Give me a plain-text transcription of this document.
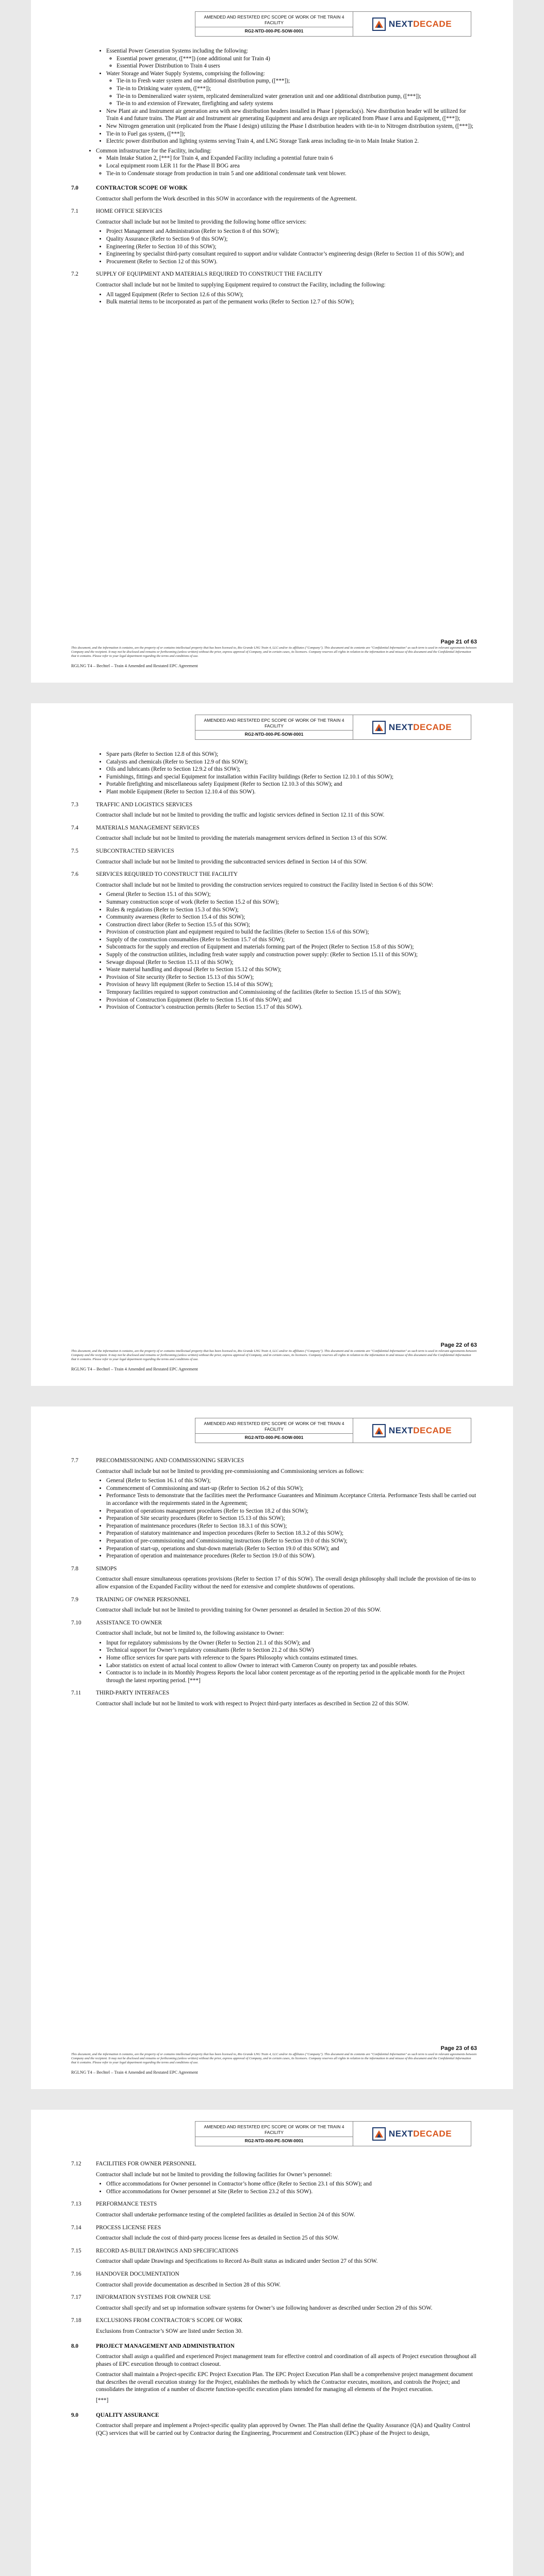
AMENDED AND RESTATED EPC SCOPE OF WORK OF THE TRAIN 4 FACILITY
RG2-NTD-000-PE-SOW-0001
NEXT DECADE
• Essential Power Generation Systems including the following:
◦ Essential power generator, ([***]) (one additional unit for Train 4)
◦ Essential Power Distribution to Train 4 users
• Water Storage and Water Supply Systems, comprising the following:
◦ Tie-in to Fresh water system and one additional distribution pump, ([***]);
◦ Tie-in to Drinking water system, ([***]);
◦ Tie-in to Demineralized water system, replicated demineralized water generation unit and one additional distribution pump, ([***]);
◦ Tie-in to and extension of Firewater, firefighting and safety systems
• New Plant air and Instrument air generation area with new distribution headers installed in Phase I piperacks(s). New distribution header will be utilized for Train 4 and future trains. The Plant air and Instrument air generating Equipment and area design are replicated from Phase I area and Equipment, ([***]);
• New Nitrogen generation unit (replicated from the Phase I design) utilizing the Phase I distribution headers with tie-in to Nitrogen distribution system, ([***]);
• Tie-in to Fuel gas system, ([***]);
• Electric power distribution and lighting systems serving Train 4, and LNG Storage Tank areas including tie-in to Main Intake Station 2.
• Common infrastructure for the Facility, including:
◦ Main Intake Station 2, [***] for Train 4, and Expanded Facility including a potential future train 6
◦ Local equipment room LER 11 for the Phase II BOG area
◦ Tie-in to Condensate storage from production in train 5 and one additional condensate tank vent blower.
7.0	CONTRACTOR SCOPE OF WORK

Contractor shall perform the Work described in this SOW in accordance with the requirements of the Agreement.

7.1	HOME OFFICE SERVICES

Contractor shall include but not be limited to providing the following home office services:

• Project Management and Administration (Refer to Section 8 of this SOW);
• Quality Assurance (Refer to Section 9 of this SOW);
• Engineering (Refer to Section 10 of this SOW);
• Engineering by specialist third-party consultant required to support and/or validate Contractor’s engineering design (Refer to Section 11 of this SOW); and
• Procurement (Refer to Section 12 of this SOW).
7.2	SUPPLY OF EQUIPMENT AND MATERIALS REQUIRED TO CONSTRUCT THE FACILITY

Contractor shall include but not be limited to supplying Equipment required to construct the Facility, including the following:

• All tagged Equipment (Refer to Section 12.6 of this SOW);
• Bulk material items to be incorporated as part of the permanent works (Refer to Section 12.7 of this SOW);
Page 21 of 63
This document, and the information it contains, are the property of or contains intellectual property that has been licensed to, Rio Grande LNG Train 4, LLC and/or its affiliates ("Company"). This document and its contents are "Confidential Information" as such term is used in relevant agreements between Company and the recipient. It may not be disclosed and remains or forthcoming (unless written) without the prior, express approval of Company, and in certain cases, its licensors. Company reserves all rights in relation to the information in and misuse of this document and the Confidential Information that it contains. Please refer to your legal department regarding the terms and conditions of use.
RGLNG T4 – Bechtel – Train 4 Amended and Restated EPC Agreement
AMENDED AND RESTATED EPC SCOPE OF WORK OF THE TRAIN 4 FACILITY
RG2-NTD-000-PE-SOW-0001
NEXT DECADE
• Spare parts (Refer to Section 12.8 of this SOW);
• Catalysts and chemicals (Refer to Section 12.9 of this SOW);
• Oils and lubricants (Refer to Section 12.9.2 of this SOW);
• Furnishings, fittings and special Equipment for installation within Facility buildings (Refer to Section 12.10.1 of this SOW);
• Portable firefighting and miscellaneous safety Equipment (Refer to Section 12.10.3 of this SOW); and
• Plant mobile Equipment (Refer to Section 12.10.4 of this SOW).
7.3	TRAFFIC AND LOGISTICS SERVICES

Contractor shall include but not be limited to providing the traffic and logistic services defined in Section 12.11 of this SOW.

7.4	MATERIALS MANAGEMENT SERVICES

Contractor shall include but not be limited to providing the materials management services defined in Section 13 of this SOW.

7.5	SUBCONTRACTED SERVICES

Contractor shall include but not be limited to providing the subcontracted services defined in Section 14 of this SOW.

7.6	SERVICES REQUIRED TO CONSTRUCT THE FACILITY

Contractor shall include but not be limited to providing the construction services required to construct the Facility listed in Section 6 of this SOW:

• General (Refer to Section 15.1 of this SOW);
• Summary construction scope of work (Refer to Section 15.2 of this SOW);
• Rules & regulations (Refer to Section 15.3 of this SOW);
• Community awareness (Refer to Section 15.4 of this SOW);
• Construction direct labor (Refer to Section 15.5 of this SOW);
• Provision of construction plant and equipment required to build the facilities (Refer to Section 15.6 of this SOW);
• Supply of the construction consumables (Refer to Section 15.7 of this SOW);
• Subcontracts for the supply and erection of Equipment and materials forming part of the Project (Refer to Section 15.8 of this SOW);
• Supply of the construction utilities, including fresh water supply and construction power supply: (Refer to Section 15.11 of this SOW);
• Sewage disposal (Refer to Section 15.11 of this SOW);
• Waste material handling and disposal (Refer to Section 15.12 of this SOW);
• Provision of Site security (Refer to Section 15.13 of this SOW);
• Provision of heavy lift equipment (Refer to Section 15.14 of this SOW);
• Temporary facilities required to support construction and Commissioning of the facilities (Refer to Section 15.15 of this SOW);
• Provision of Construction Equipment (Refer to Section 15.16 of this SOW); and
• Provision of Contractor’s construction permits (Refer to Section 15.17 of this SOW).
Page 22 of 63
This document, and the information it contains, are the property of or contains intellectual property that has been licensed to, Rio Grande LNG Train 4, LLC and/or its affiliates ("Company"). This document and its contents are "Confidential Information" as such term is used in relevant agreements between Company and the recipient. It may not be disclosed and remains or forthcoming (unless written) without the prior, express approval of Company, and in certain cases, its licensors. Company reserves all rights in relation to the information in and misuse of this document and the Confidential Information that it contains. Please refer to your legal department regarding the terms and conditions of use.
RGLNG T4 – Bechtel – Train 4 Amended and Restated EPC Agreement
AMENDED AND RESTATED EPC SCOPE OF WORK OF THE TRAIN 4 FACILITY
RG2-NTD-000-PE-SOW-0001
NEXT DECADE
7.7	PRECOMMISSIONING AND COMMISSIONING SERVICES

Contractor shall include but not be limited to providing pre-commissioning and Commissioning services as follows:

• General (Refer to Section 16.1 of this SOW);
• Commencement of Commissioning and start-up (Refer to Section 16.2 of this SOW);
• Performance Tests to demonstrate that the facilities meet the Performance Guarantees and Minimum Acceptance Criteria. Performance Tests shall be carried out in accordance with the requirements stated in the Agreement;
• Preparation of operations management procedures (Refer to Section 18.2 of this SOW);
• Preparation of Site security procedures (Refer to Section 15.13 of this SOW);
• Preparation of maintenance procedures (Refer to Section 18.3.1 of this SOW);
• Preparation of statutory maintenance and inspection procedures (Refer to Section 18.3.2 of this SOW);
• Preparation of pre-commissioning and Commissioning instructions (Refer to Section 19.0 of this SOW);
• Preparation of start-up, operations and shut-down materials (Refer to Section 19.0 of this SOW); and
• Preparation of operation and maintenance procedures (Refer to Section 19.0 of this SOW).
7.8	SIMOPS

Contractor shall ensure simultaneous operations provisions (Refer to Section 17 of this SOW). The overall design philosophy shall include the provision of tie-ins to allow expansion of the Expanded Facility without the need for extensive and complete shutdowns of operations.

7.9	TRAINING OF OWNER PERSONNEL

Contractor shall include but not be limited to providing training for Owner personnel as detailed in Section 20 of this SOW.

7.10	ASSISTANCE TO OWNER

Contractor shall include, but not be limited to, the following assistance to Owner:

• Input for regulatory submissions by the Owner (Refer to Section 21.1 of this SOW); and
• Technical support for Owner’s regulatory consultants (Refer to Section 21.2 of this SOW)
• Home office services for spare parts with reference to the Spares Philosophy which contains estimated times.
• Labor statistics on extent of actual local content to allow Owner to interact with Cameron County on property tax and possible rebates.
• Contractor is to include in its Monthly Progress Reports the local labor content percentage as of the reporting period in the applicable month for the Project through the latest reporting period. [***]
7.11	THIRD-PARTY INTERFACES

Contractor shall include but not be limited to work with respect to Project third-party interfaces as described in Section 22 of this SOW.

Page 23 of 63
This document, and the information it contains, are the property of or contains intellectual property that has been licensed to, Rio Grande LNG Train 4, LLC and/or its affiliates ("Company"). This document and its contents are "Confidential Information" as such term is used in relevant agreements between Company and the recipient. It may not be disclosed and remains or forthcoming (unless written) without the prior, express approval of Company, and in certain cases, its licensors. Company reserves all rights in relation to the information in and misuse of this document and the Confidential Information that it contains. Please refer to your legal department regarding the terms and conditions of use.
RGLNG T4 – Bechtel – Train 4 Amended and Restated EPC Agreement
AMENDED AND RESTATED EPC SCOPE OF WORK OF THE TRAIN 4 FACILITY
RG2-NTD-000-PE-SOW-0001
NEXT DECADE
7.12	FACILITIES FOR OWNER PERSONNEL

Contractor shall include but not be limited to providing the following facilities for Owner’s personnel:

• Office accommodations for Owner personnel in Contractor’s home office (Refer to Section 23.1 of this SOW); and
• Office accommodations for Owner personnel at Site (Refer to Section 23.2 of this SOW).
7.13	PERFORMANCE TESTS

Contractor shall undertake performance testing of the completed facilities as detailed in Section 24 of this SOW.

7.14	PROCESS LICENSE FEES

Contractor shall include the cost of third-party process license fees as detailed in Section 25 of this SOW.

7.15	RECORD AS-BUILT DRAWINGS AND SPECIFICATIONS

Contractor shall update Drawings and Specifications to Record As-Built status as indicated under Section 27 of this SOW.

7.16	HANDOVER DOCUMENTATION

Contractor shall provide documentation as described in Section 28 of this SOW.

7.17	INFORMATION SYSTEMS FOR OWNER USE

Contractor shall specify and set up information software systems for Owner’s use following handover as described under Section 29 of this SOW.

7.18	EXCLUSIONS FROM CONTRACTOR’S SCOPE OF WORK

Exclusions from Contractor’s SOW are listed under Section 30.

8.0	PROJECT MANAGEMENT AND ADMINISTRATION

Contractor shall assign a qualified and experienced Project management team for effective control and coordination of all aspects of Project execution throughout all phases of EPC execution through to contract closeout.

Contractor shall maintain a Project-specific EPC Project Execution Plan. The EPC Project Execution Plan shall be a comprehensive project management document that describes the overall execution strategy for the Project, establishes the methods by which the Contractor executes, monitors, and controls the Project; and consolidates the integration of a number of discrete function-specific execution plans intended for managing all elements of the Project execution.

[***]

9.0	QUALITY ASSURANCE

Contractor shall prepare and implement a Project-specific quality plan approved by Owner. The Plan shall define the Quality Assurance (QA) and Quality Control (QC) services that will be carried out by Contractor during the Engineering, Procurement and Construction (EPC) phase of the Project to design,
